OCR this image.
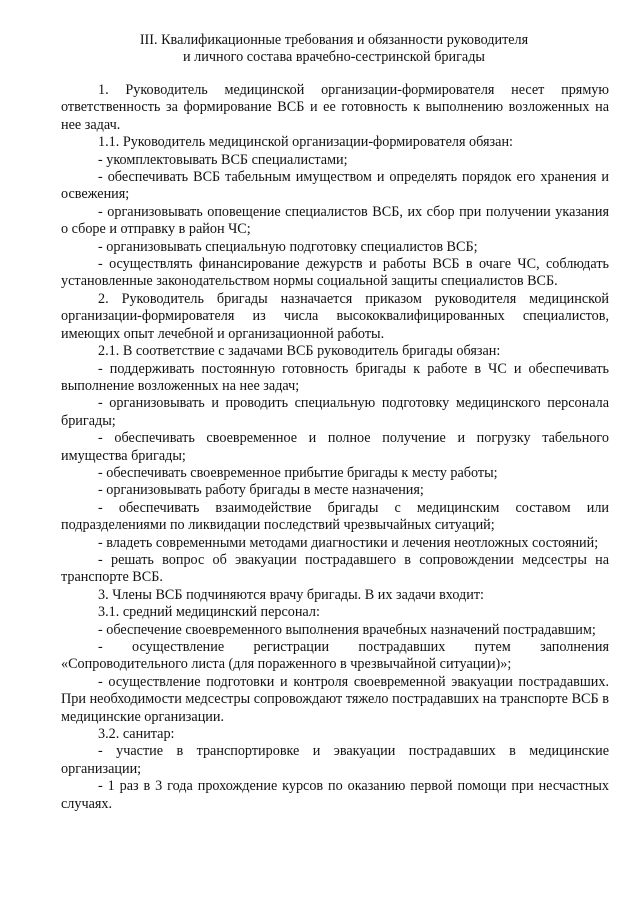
III. Квалификационные требования и обязанности руководителя
и личного состава врачебно-сестринской бригады

1. Руководитель медицинской организации-формирователя несет прямую ответственность за формирование ВСБ и ее готовность к выполнению возложенных на нее задач.

1.1. Руководитель медицинской организации-формирователя обязан:

- укомплектовывать ВСБ специалистами;

- обеспечивать ВСБ табельным имуществом и определять порядок его хранения и освежения;

- организовывать оповещение специалистов ВСБ, их сбор при получении указания о сборе и отправку в район ЧС;

- организовывать специальную подготовку специалистов ВСБ;

- осуществлять финансирование дежурств и работы ВСБ в очаге ЧС, соблюдать установленные законодательством нормы социальной защиты специалистов ВСБ.

2. Руководитель бригады назначается приказом руководителя медицинской организации-формирователя из числа высококвалифицированных специалистов, имеющих опыт лечебной и организационной работы.

2.1. В соответствие с задачами ВСБ руководитель бригады обязан:

- поддерживать постоянную готовность бригады к работе в ЧС и обеспечивать выполнение возложенных на нее задач;

- организовывать и проводить специальную подготовку медицинского персонала бригады;

- обеспечивать своевременное и полное получение и погрузку табельного имущества бригады;

- обеспечивать своевременное прибытие бригады к месту работы;

- организовывать работу бригады в месте назначения;

- обеспечивать взаимодействие бригады с медицинским составом или подразделениями по ликвидации последствий чрезвычайных ситуаций;

- владеть современными методами диагностики и лечения неотложных состояний;

- решать вопрос об эвакуации пострадавшего в сопровождении медсестры на транспорте ВСБ.

3. Члены ВСБ подчиняются врачу бригады. В их задачи входит:

3.1. средний медицинский персонал:

- обеспечение своевременного выполнения врачебных назначений пострадавшим;

- осуществление регистрации пострадавших путем заполнения «Сопроводительного листа (для пораженного в чрезвычайной ситуации)»;

- осуществление подготовки и контроля своевременной эвакуации пострадавших. При необходимости медсестры сопровождают тяжело пострадавших на транспорте ВСБ в медицинские организации.

3.2. санитар:

- участие в транспортировке и эвакуации пострадавших в медицинские организации;

- 1 раз в 3 года прохождение курсов по оказанию первой помощи при несчастных случаях.
